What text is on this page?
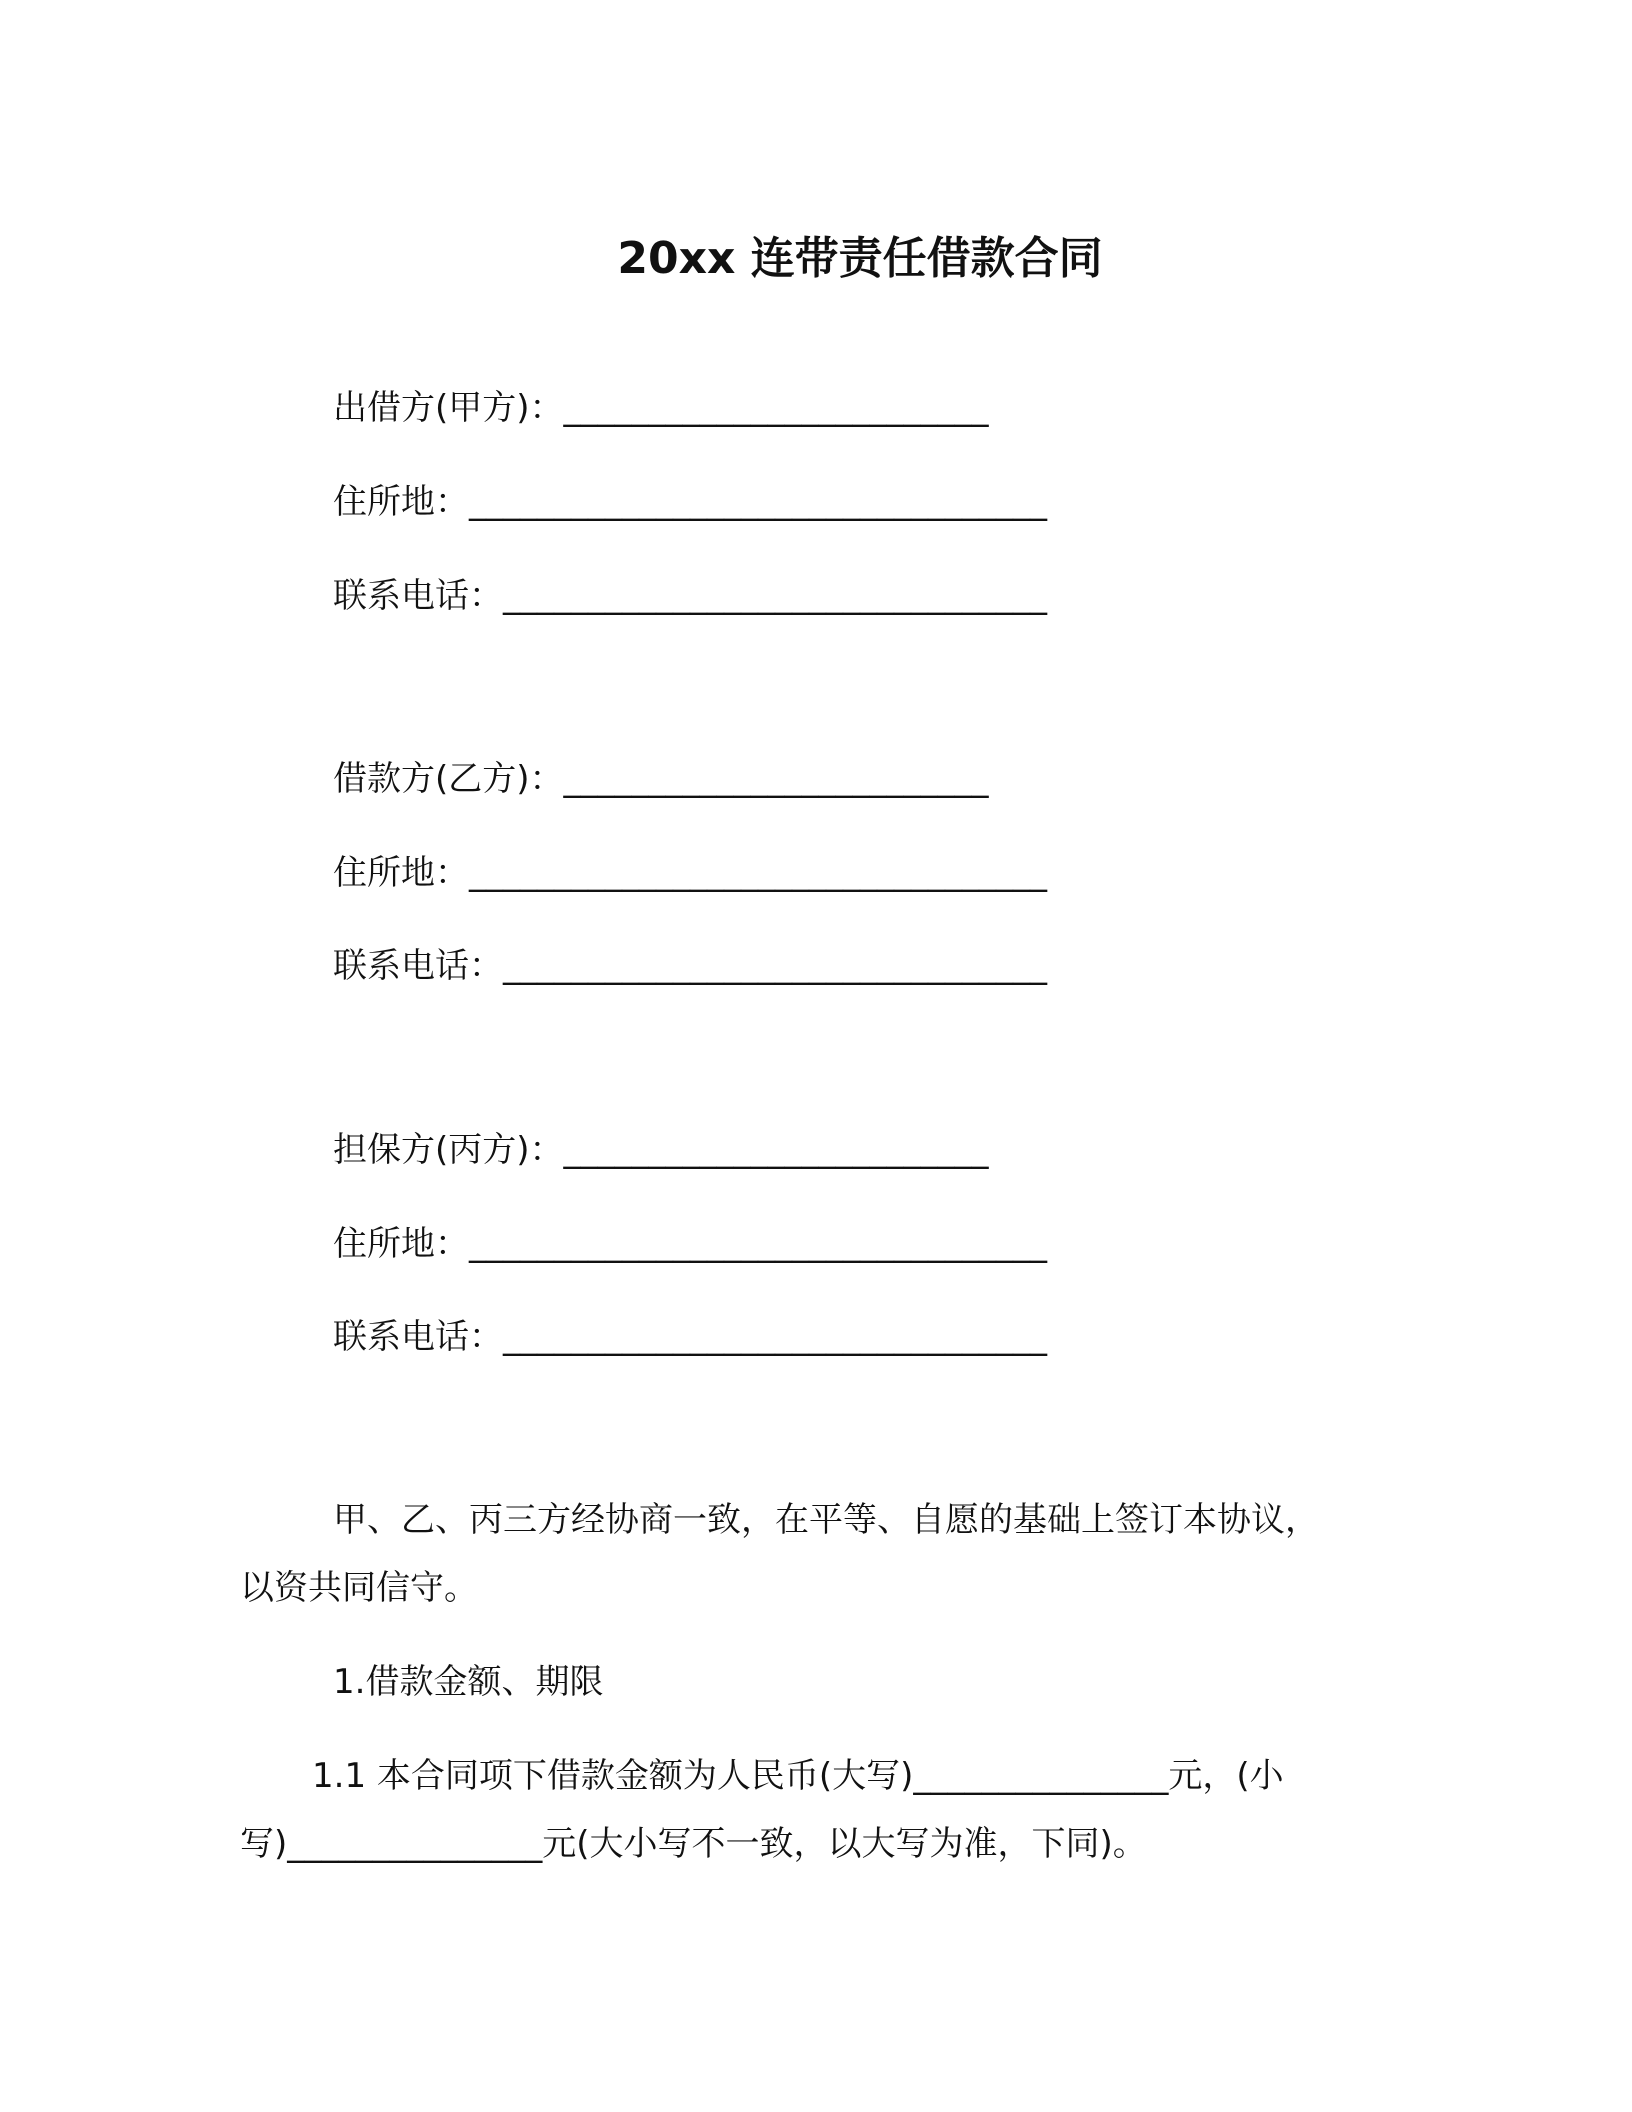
20xx 连带责任借款合同
出借方(甲方)：_________________________
住所地：__________________________________
联系电话：________________________________
借款方(乙方)：_________________________
住所地：__________________________________
联系电话：________________________________
担保方(丙方)：_________________________
住所地：__________________________________
联系电话：________________________________
甲、乙、丙三方经协商一致，在平等、自愿的基础上签订本协议，
以资共同信守。
1.借款金额、期限
1.1 本合同项下借款金额为人民币(大写)_______________元，(小
写)_______________元(大小写不一致，以大写为准，下同)。
